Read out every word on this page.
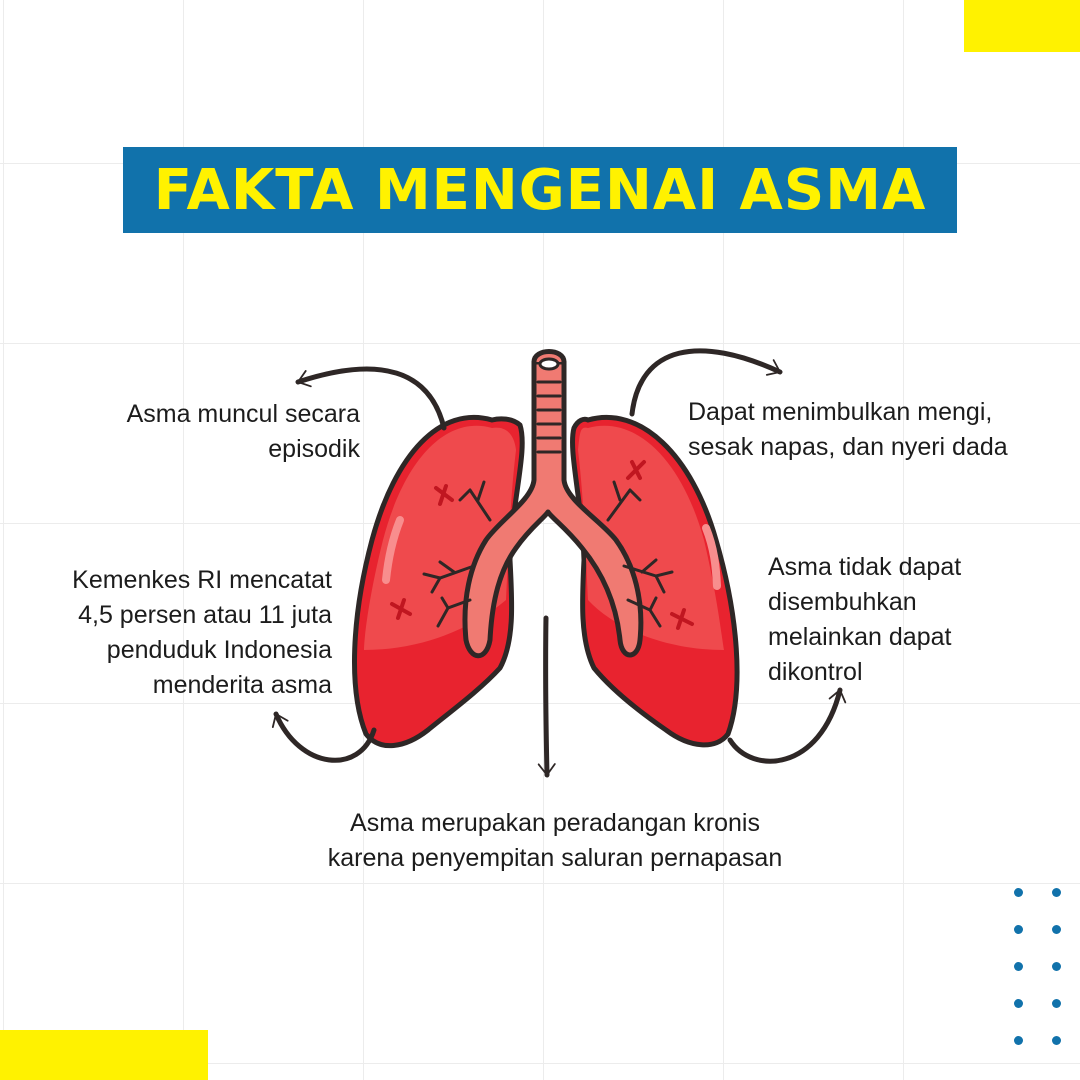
FAKTA MENGENAI ASMA
Asma muncul secara
episodik
Dapat menimbulkan mengi,
sesak napas, dan nyeri dada
Kemenkes RI mencatat
4,5 persen atau 11 juta
penduduk Indonesia
menderita asma
Asma tidak dapat
disembuhkan
melainkan dapat
dikontrol
Asma merupakan peradangan kronis
karena penyempitan saluran pernapasan
